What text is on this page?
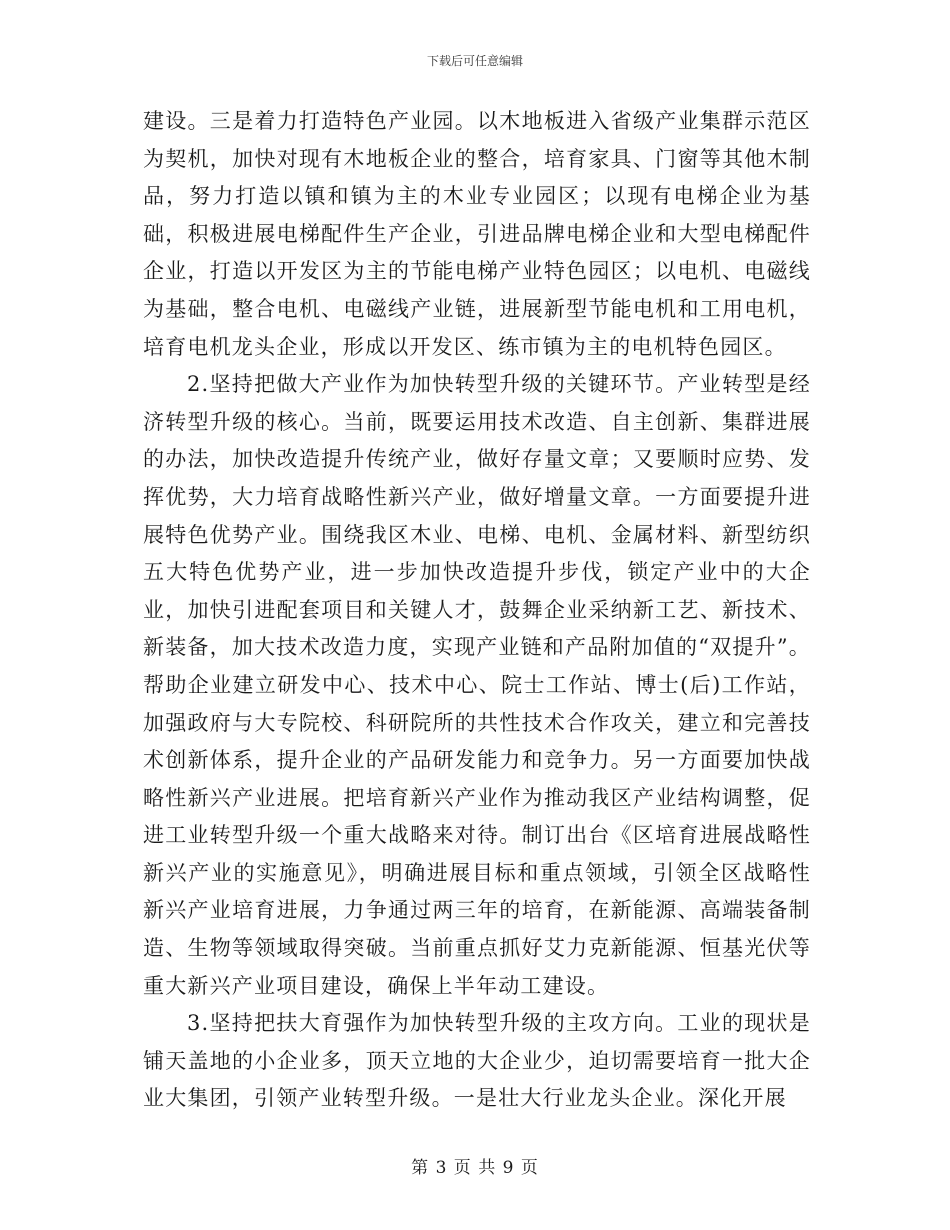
下载后可任意编辑

建设。三是着力打造特色产业园。以木地板进入省级产业集群示范区为契机，加快对现有木地板企业的整合，培育家具、门窗等其他木制品，努力打造以镇和镇为主的木业专业园区；以现有电梯企业为基础，积极进展电梯配件生产企业，引进品牌电梯企业和大型电梯配件企业，打造以开发区为主的节能电梯产业特色园区；以电机、电磁线为基础，整合电机、电磁线产业链，进展新型节能电机和工用电机，培育电机龙头企业，形成以开发区、练市镇为主的电机特色园区。

2.坚持把做大产业作为加快转型升级的关键环节。产业转型是经济转型升级的核心。当前，既要运用技术改造、自主创新、集群进展的办法，加快改造提升传统产业，做好存量文章；又要顺时应势、发挥优势，大力培育战略性新兴产业，做好增量文章。一方面要提升进展特色优势产业。围绕我区木业、电梯、电机、金属材料、新型纺织五大特色优势产业，进一步加快改造提升步伐，锁定产业中的大企业，加快引进配套项目和关键人才，鼓舞企业采纳新工艺、新技术、新装备，加大技术改造力度，实现产业链和产品附加值的“双提升”。帮助企业建立研发中心、技术中心、院士工作站、博士(后)工作站，加强政府与大专院校、科研院所的共性技术合作攻关，建立和完善技术创新体系，提升企业的产品研发能力和竞争力。另一方面要加快战略性新兴产业进展。把培育新兴产业作为推动我区产业结构调整，促进工业转型升级一个重大战略来对待。制订出台《区培育进展战略性新兴产业的实施意见》，明确进展目标和重点领域，引领全区战略性新兴产业培育进展，力争通过两三年的培育，在新能源、高端装备制造、生物等领域取得突破。当前重点抓好艾力克新能源、恒基光伏等重大新兴产业项目建设，确保上半年动工建设。

3.坚持把扶大育强作为加快转型升级的主攻方向。工业的现状是铺天盖地的小企业多，顶天立地的大企业少，迫切需要培育一批大企业大集团，引领产业转型升级。一是壮大行业龙头企业。深化开展

第 3 页 共 9 页
